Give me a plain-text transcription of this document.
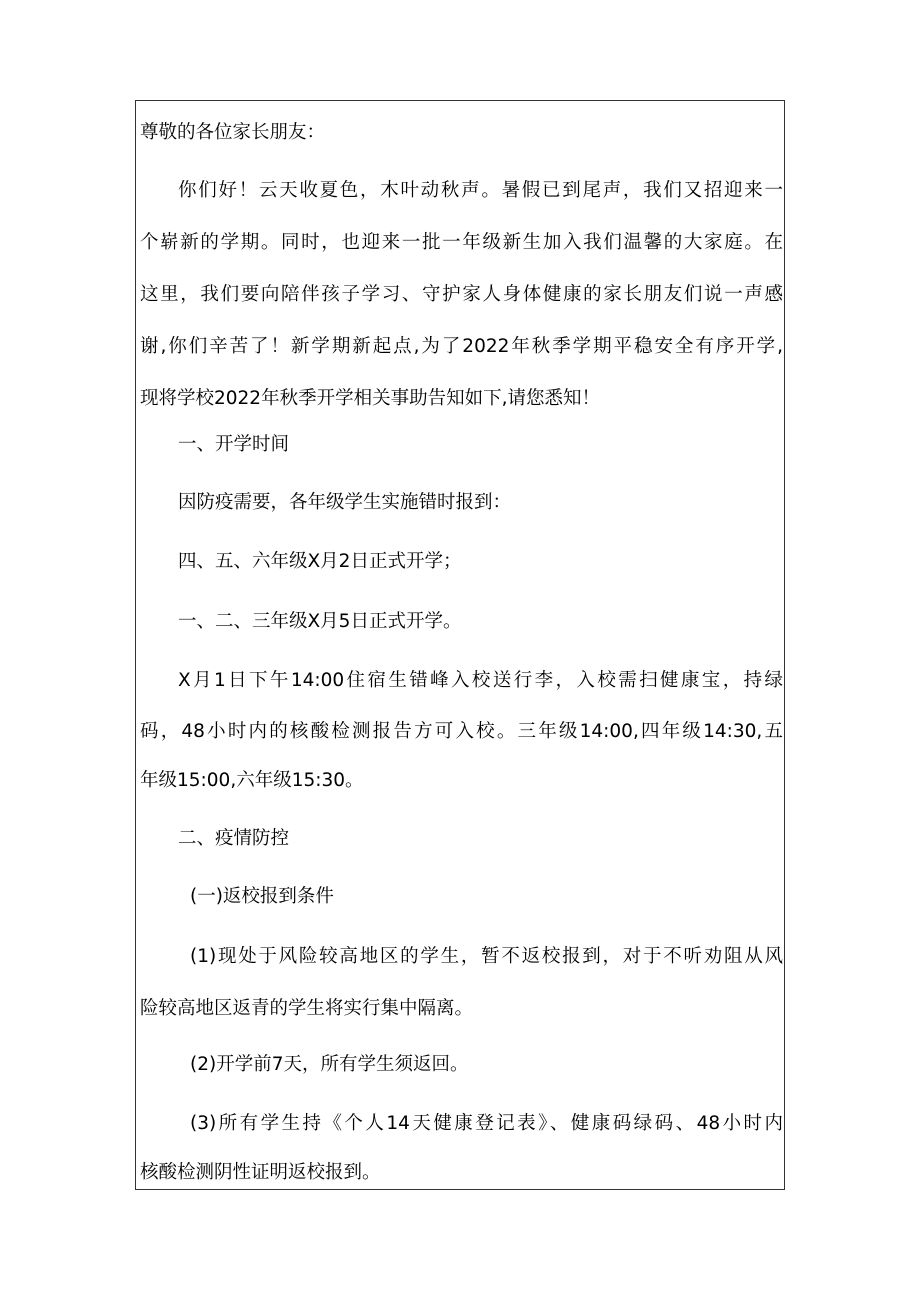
尊敬的各位家长朋友：
你们好！云天收夏色，木叶动秋声。暑假已到尾声，我们又招迎来一
个崭新的学期。同时，也迎来一批一年级新生加入我们温馨的大家庭。在
这里，我们要向陪伴孩子学习、守护家人身体健康的家长朋友们说一声感
谢,你们辛苦了！新学期新起点,为了2022年秋季学期平稳安全有序开学,
现将学校2022年秋季开学相关事助告知如下,请您悉知！
一、开学时间
因防疫需要，各年级学生实施错时报到：
四、五、六年级X月2日正式开学；
一、二、三年级X月5日正式开学。
X月1日下午14:00住宿生错峰入校送行李，入校需扫健康宝，持绿
码，48小时内的核酸检测报告方可入校。三年级14:00,四年级14:30,五
年级15:00,六年级15:30。
二、疫情防控
(一)返校报到条件
(1)现处于风险较高地区的学生，暂不返校报到，对于不听劝阻从风
险较高地区返青的学生将实行集中隔离。
(2)开学前7天，所有学生须返回。
(3)所有学生持《个人14天健康登记表》、健康码绿码、48小时内
核酸检测阴性证明返校报到。
